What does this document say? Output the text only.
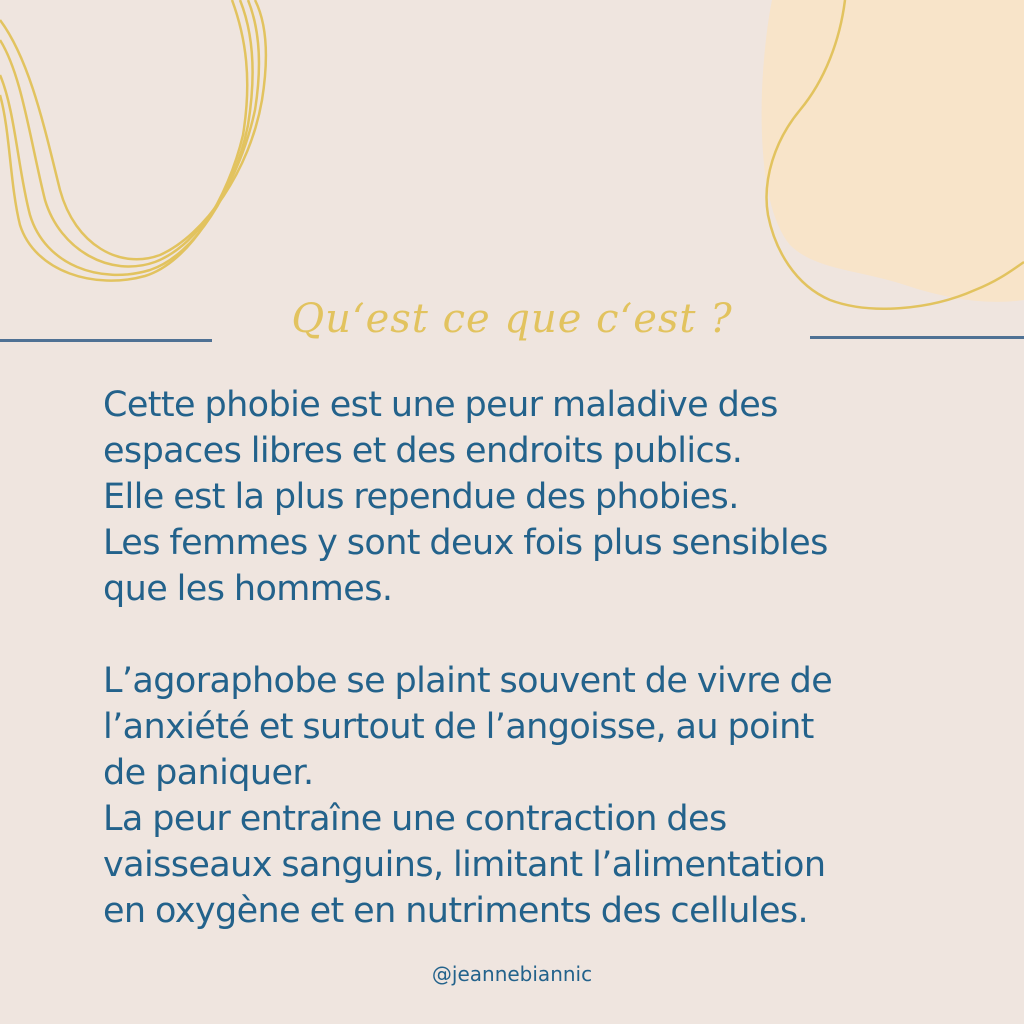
Qu‘est ce que c‘est ?
Cette phobie est une peur maladive des
espaces libres et des endroits publics.
Elle est la plus rependue des phobies.
Les femmes y sont deux fois plus sensibles
que les hommes.
L’agoraphobe se plaint souvent de vivre de
l’anxiété et surtout de l’angoisse, au point
de paniquer.
La peur entraîne une contraction des
vaisseaux sanguins, limitant l’alimentation
en oxygène et en nutriments des cellules.
@jeannebiannic
